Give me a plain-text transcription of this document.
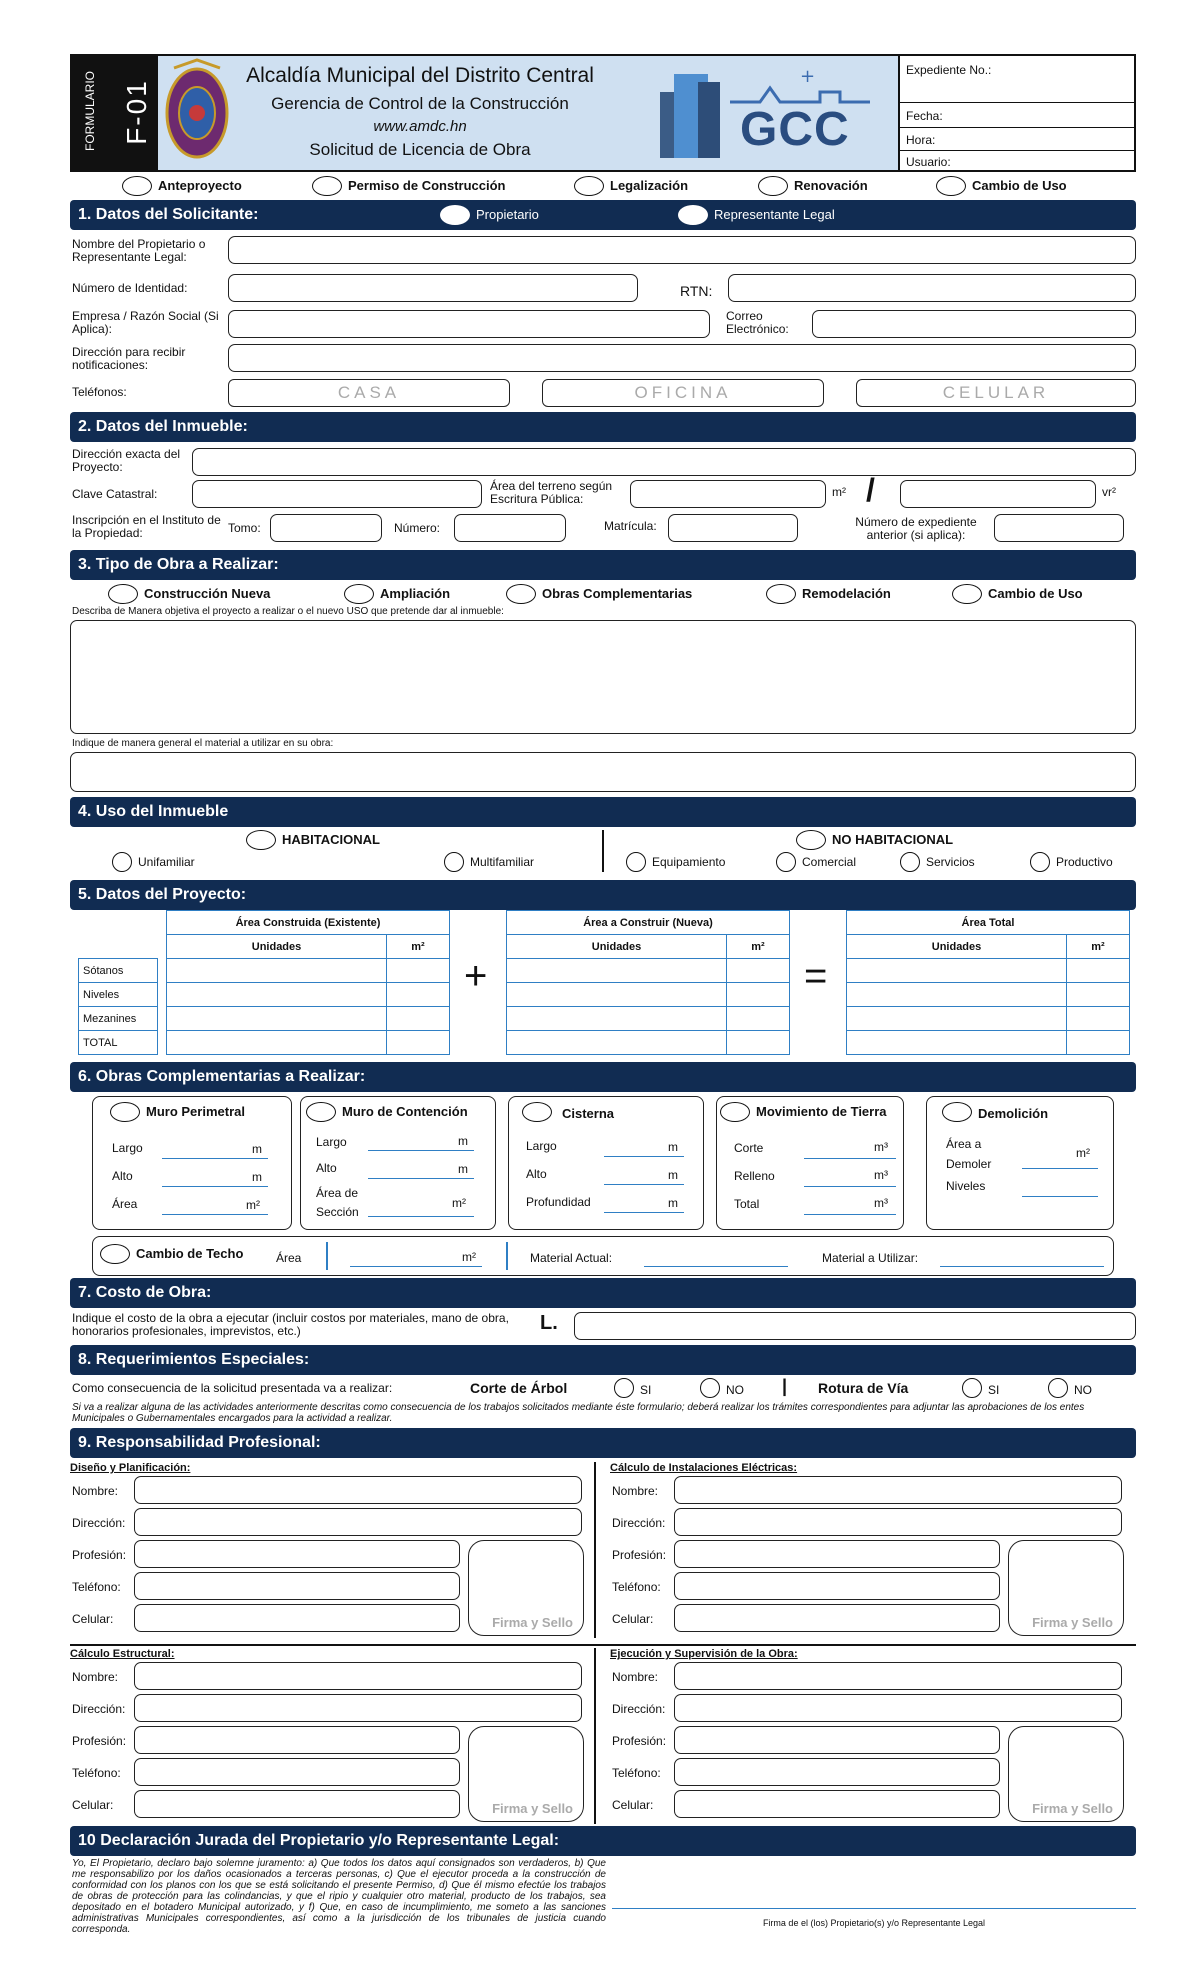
FORMULARIO F-01
Alcaldía Municipal del Distrito Central
Gerencia de Control de la Construcción
www.amdc.hn
Solicitud de Licencia de Obra
+
GCC
Expediente No.:
Fecha:
Hora:
Usuario:
Anteproyecto	Permiso de Construcción	Legalización	Renovación	Cambio de Uso
1. Datos del Solicitante:	Propietario	Representante Legal
Nombre del Propietario o Representante Legal:
Número de Identidad:	RTN:
Empresa / Razón Social (Si Aplica):
Correo Electrónico:
Dirección para recibir notificaciones:
Teléfonos:	CASA	OFICINA	CELULAR
2. Datos del Inmueble:
Dirección exacta del Proyecto:
Clave Catastral:
Área del terreno según Escritura Pública:	m² /	vr²
Inscripción en el Instituto de la Propiedad:	Tomo:	Número:	Matrícula:	Número de expediente anterior (si aplica):
3. Tipo de Obra a Realizar:
Construcción Nueva	Ampliación	Obras Complementarias	Remodelación	Cambio de Uso
Describa de Manera objetiva el proyecto a realizar o el nuevo USO que pretende dar al inmueble:
Indique de manera general el material a utilizar en su obra:
4. Uso del Inmueble
HABITACIONAL	NO HABITACIONAL
Unifamiliar	Multifamiliar	Equipamiento	Comercial	Servicios	Productivo
5. Datos del Proyecto:
Sótanos
Niveles
Mezanines
TOTAL
Área Construida (Existente)	
Unidades	m²

+
Área a Construir (Nueva)	
Unidades	m²

=
Área Total	
Unidades	m²

6. Obras Complementarias a Realizar:
Muro Perimetral
Largo	m
Alto	m
Área	m²
Muro de Contención
Largo	m
Alto	m
Área de Sección
m²
Cisterna
Largo	m
Alto	m
Profundidad	m
Movimiento de Tierra
Corte	m³
Relleno	m³
Total	m³
Demolición
Área a Demoler
m²
Niveles
Cambio de Techo	Área	m²	Material Actual:	Material a Utilizar:
7. Costo de Obra:
Indique el costo de la obra a ejecutar (incluir costos por materiales, mano de obra, honorarios profesionales, imprevistos, etc.)	L.
8. Requerimientos Especiales:
Como consecuencia de la solicitud presentada va a realizar:	Corte de Árbol	SI	NO | Rotura de Vía	SI	NO
Si va a realizar alguna de las actividades anteriormente descritas como consecuencia de los trabajos solicitados mediante éste formulario; deberá realizar los trámites correspondientes para adjuntar las aprobaciones de los entes Municipales o Gubernamentales encargados para la actividad a realizar.
9. Responsabilidad Profesional:
Diseño y Planificación:
Nombre:
Dirección:
Profesión:
Teléfono:
Celular:	Firma y Sello
Cálculo de Instalaciones Eléctricas:
Nombre:
Dirección:
Profesión:
Teléfono:
Celular:	Firma y Sello
Cálculo Estructural:
Nombre:
Dirección:
Profesión:
Teléfono:
Celular:	Firma y Sello
Ejecución y Supervisión de la Obra:
Nombre:
Dirección:
Profesión:
Teléfono:
Celular:	Firma y Sello
10 Declaración Jurada del Propietario y/o Representante Legal:
Yo, El Propietario, declaro bajo solemne juramento: a) Que todos los datos aquí consignados son verdaderos, b) Que me responsabilizo por los daños ocasionados a terceras personas, c) Que el ejecutor proceda a la construcción de conformidad con los planos con los que se está solicitando el presente Permiso, d) Que él mismo efectúe los trabajos de obras de protección para las colindancias, y que el ripio y cualquier otro material, producto de los trabajos, sea depositado en el botadero Municipal autorizado, y f) Que, en caso de incumplimiento, me someto a las sanciones administrativas Municipales correspondientes, así como a la jurisdicción de los tribunales de justicia cuando corresponda.
Firma de el (los) Propietario(s) y/o Representante Legal
